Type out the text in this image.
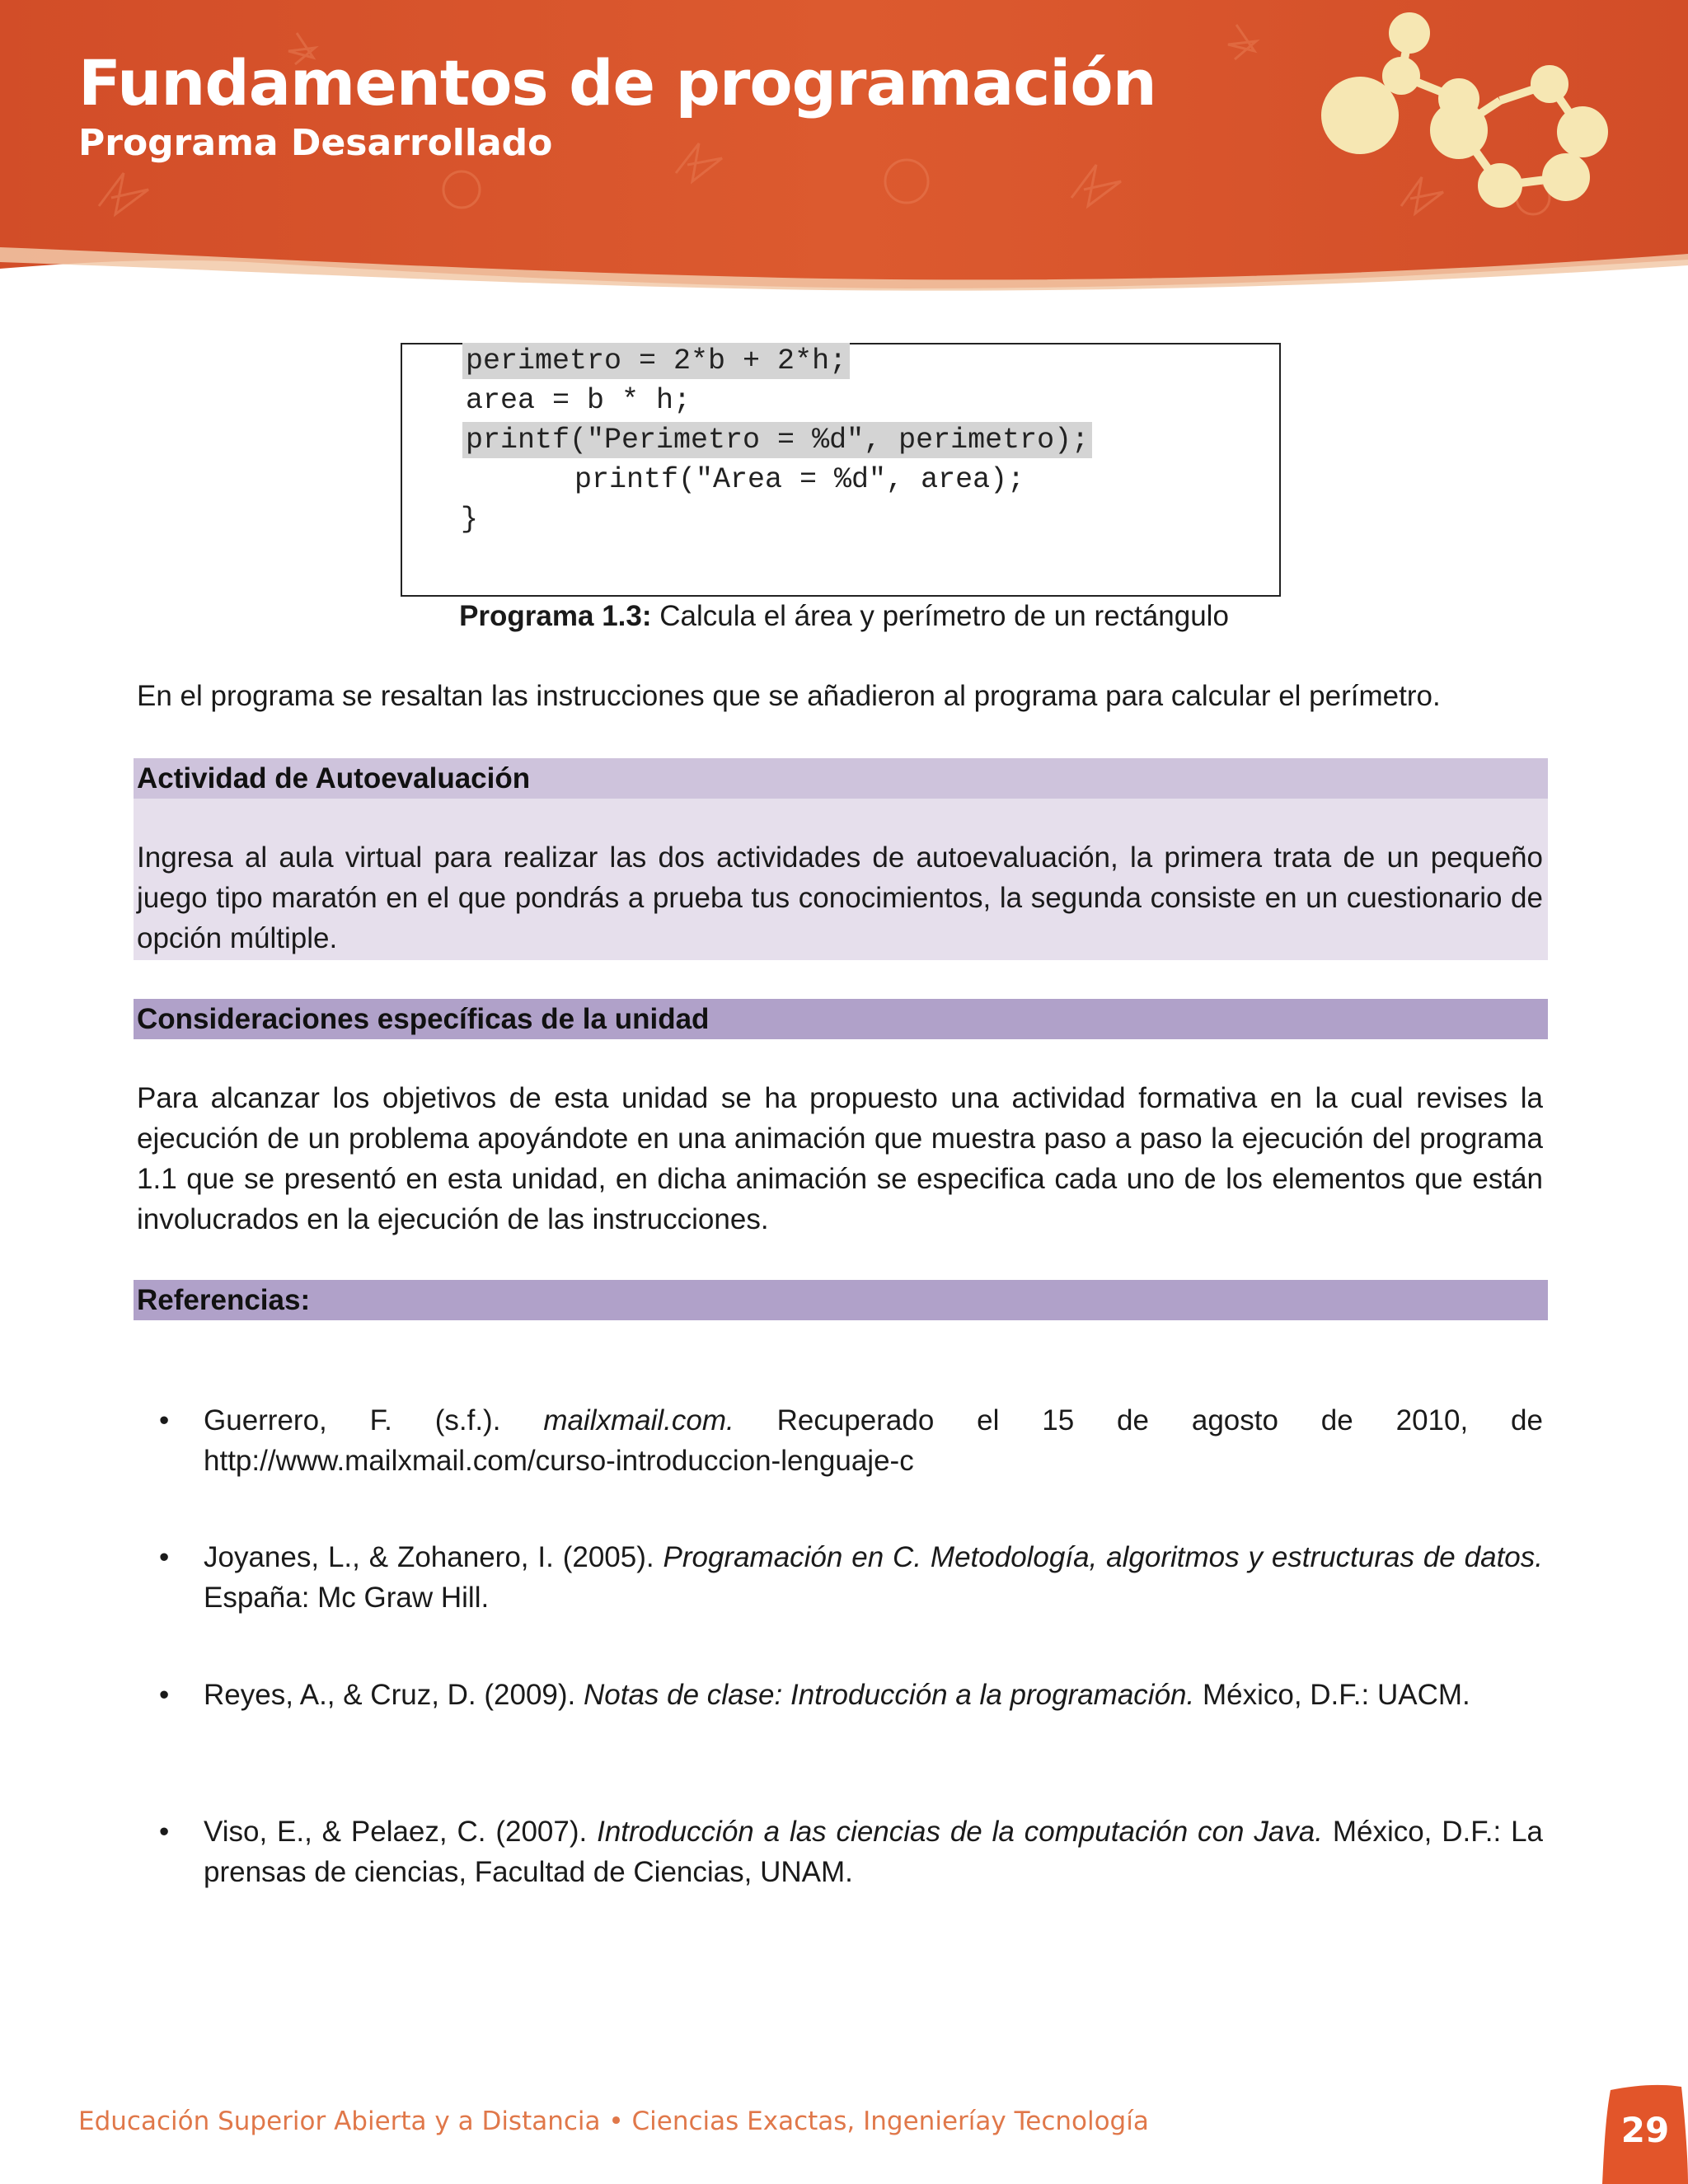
Fundamentos de programación
Programa Desarrollado
perimetro = 2*b + 2*h;
area = b * h;
printf("Perimetro = %d", perimetro);
printf("Area = %d", area);
}
Programa 1.3: Calcula el área y perímetro de un rectángulo
En el programa se resaltan las instrucciones que se añadieron al programa para calcular el perímetro.
Actividad de Autoevaluación
Ingresa al aula virtual para realizar las dos actividades de autoevaluación, la primera trata de un pequeño juego tipo maratón en el que pondrás a prueba tus conocimientos, la segunda consiste en un cuestionario de opción múltiple.
Consideraciones específicas de la unidad
Para alcanzar los objetivos de esta unidad se ha propuesto una actividad formativa en la cual revises la ejecución de un problema apoyándote en una animación que muestra paso a paso la ejecución del programa 1.1 que se presentó en esta unidad, en dicha animación se especifica cada uno de los elementos que están involucrados en la ejecución de las instrucciones.
Referencias:
• Guerrero, F. (s.f.). mailxmail.com. Recuperado el 15 de agosto de 2010, de http://www.mailxmail.com/curso-introduccion-lenguaje-c
• Joyanes, L., & Zohanero, I. (2005). Programación en C. Metodología, algoritmos y estructuras de datos. España: Mc Graw Hill.
• Reyes, A., & Cruz, D. (2009). Notas de clase: Introducción a la programación. México, D.F.: UACM.
• Viso, E., & Pelaez, C. (2007). Introducción a las ciencias de la computación con Java. México, D.F.: La prensas de ciencias, Facultad de Ciencias, UNAM.
Educación Superior Abierta y a Distancia • Ciencias Exactas, Ingenieríay Tecnología	29
